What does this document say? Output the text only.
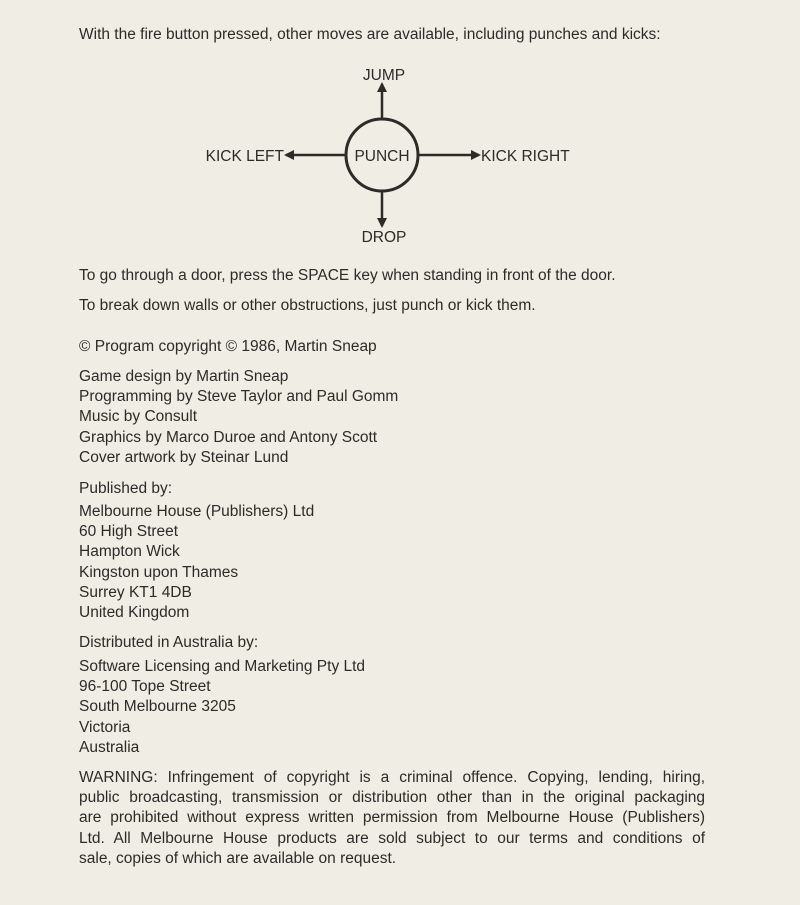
With the fire button pressed, other moves are available, including punches and kicks:
JUMP
PUNCH
KICK LEFT	KICK RIGHT
DROP
To go through a door, press the SPACE key when standing in front of the door.
To break down walls or other obstructions, just punch or kick them.
© Program copyright © 1986, Martin Sneap
Game design by Martin Sneap
Programming by Steve Taylor and Paul Gomm
Music by Consult
Graphics by Marco Duroe and Antony Scott
Cover artwork by Steinar Lund
Published by:
Melbourne House (Publishers) Ltd
60 High Street
Hampton Wick
Kingston upon Thames
Surrey KT1 4DB
United Kingdom
Distributed in Australia by:
Software Licensing and Marketing Pty Ltd
96-100 Tope Street
South Melbourne 3205
Victoria
Australia
WARNING: Infringement of copyright is a criminal offence. Copying, lending, hiring,
public broadcasting, transmission or distribution other than in the original packaging
are prohibited without express written permission from Melbourne House (Publishers)
Ltd. All Melbourne House products are sold subject to our terms and conditions of
sale, copies of which are available on request.
